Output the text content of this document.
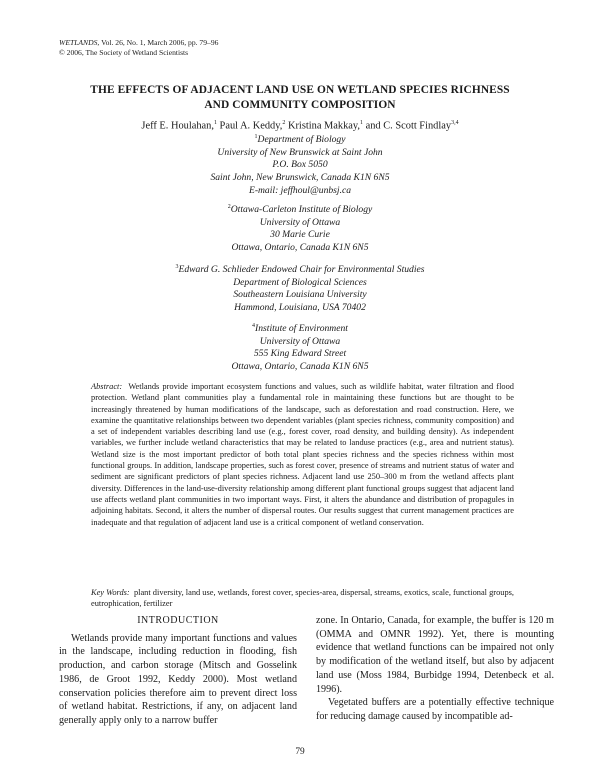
WETLANDS, Vol. 26, No. 1, March 2006, pp. 79–96
© 2006, The Society of Wetland Scientists
THE EFFECTS OF ADJACENT LAND USE ON WETLAND SPECIES RICHNESS
AND COMMUNITY COMPOSITION
Jeff E. Houlahan,$^1$ Paul A. Keddy,$^2$ Kristina Makkay,$^1$ and C. Scott Findlay$^{3,4}$
$^1$Department of Biology
University of New Brunswick at Saint John
P.O. Box 5050
Saint John, New Brunswick, Canada K1N 6N5
E-mail: jeffhoul@unbsj.ca
$^2$Ottawa-Carleton Institute of Biology
University of Ottawa
30 Marie Curie
Ottawa, Ontario, Canada K1N 6N5
$^3$Edward G. Schlieder Endowed Chair for Environmental Studies
Department of Biological Sciences
Southeastern Louisiana University
Hammond, Louisiana, USA 70402
$^4$Institute of Environment
University of Ottawa
555 King Edward Street
Ottawa, Ontario, Canada K1N 6N5
Abstract: Wetlands provide important ecosystem functions and values, such as wildlife habitat, water filtration and flood protection. Wetland plant communities play a fundamental role in maintaining these functions but are thought to be increasingly threatened by human modifications of the landscape, such as deforestation and road construction. Here, we examine the quantitative relationships between two dependent variables (plant species richness, community composition) and a set of independent variables describing land use (e.g., forest cover, road density, and building density). As independent variables, we further include wetland characteristics that may be related to landuse practices (e.g., area and nutrient status). Wetland size is the most important predictor of both total plant species richness and the species richness within most functional groups. In addition, landscape properties, such as forest cover, presence of streams and nutrient status of water and sediment are significant predictors of plant species richness. Adjacent land use 250–300 m from the wetland affects plant diversity. Differences in the land-use-diversity relationship among different plant functional groups suggest that adjacent land use affects wetland plant communities in two important ways. First, it alters the abundance and distribution of propagules in adjoining habitats. Second, it alters the number of dispersal routes. Our results suggest that current management practices are inadequate and that regulation of adjacent land use is a critical component of wetland conservation.
Key Words: plant diversity, land use, wetlands, forest cover, species-area, dispersal, streams, exotics, scale, functional groups, eutrophication, fertilizer
INTRODUCTION

Wetlands provide many important functions and values in the landscape, including reduction in flooding, fish production, and carbon storage (Mitsch and Gosselink 1986, de Groot 1992, Keddy 2000). Most wetland conservation policies therefore aim to prevent direct loss of wetland habitat. Restrictions, if any, on adjacent land generally apply only to a narrow buffer

zone. In Ontario, Canada, for example, the buffer is 120 m (OMMA and OMNR 1992). Yet, there is mounting evidence that wetland functions can be impaired not only by modification of the wetland itself, but also by adjacent land use (Moss 1984, Burbidge 1994, Detenbeck et al. 1996).

Vegetated buffers are a potentially effective technique for reducing damage caused by incompatible ad-

79
